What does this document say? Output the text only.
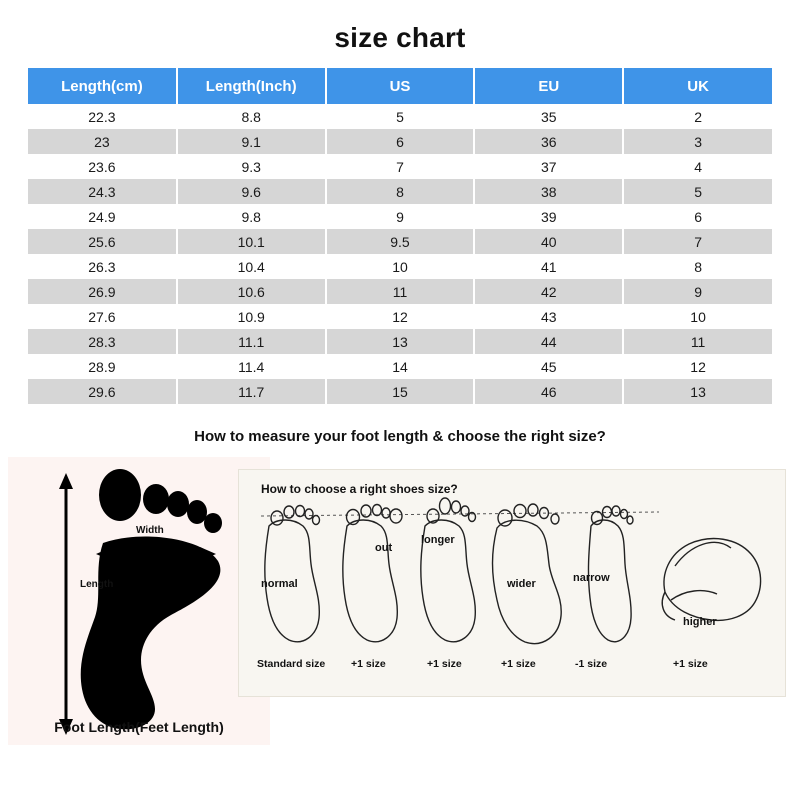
size chart
Length(cm)	Length(Inch)	US	EU	UK
22.3	8.8	5	35	2
23	9.1	6	36	3
23.6	9.3	7	37	4
24.3	9.6	8	38	5
24.9	9.8	9	39	6
25.6	10.1	9.5	40	7
26.3	10.4	10	41	8
26.9	10.6	11	42	9
27.6	10.9	12	43	10
28.3	11.1	13	44	11
28.9	11.4	14	45	12
29.6	11.7	15	46	13
How to measure your foot length & choose the right size?
Width
Length
Foot Length(Feet Length)
How to choose a right shoes size?
normal
out
longer
wider	narrow
higher
Standard size +1 size	+1 size	+1 size	-1 size	+1 size
